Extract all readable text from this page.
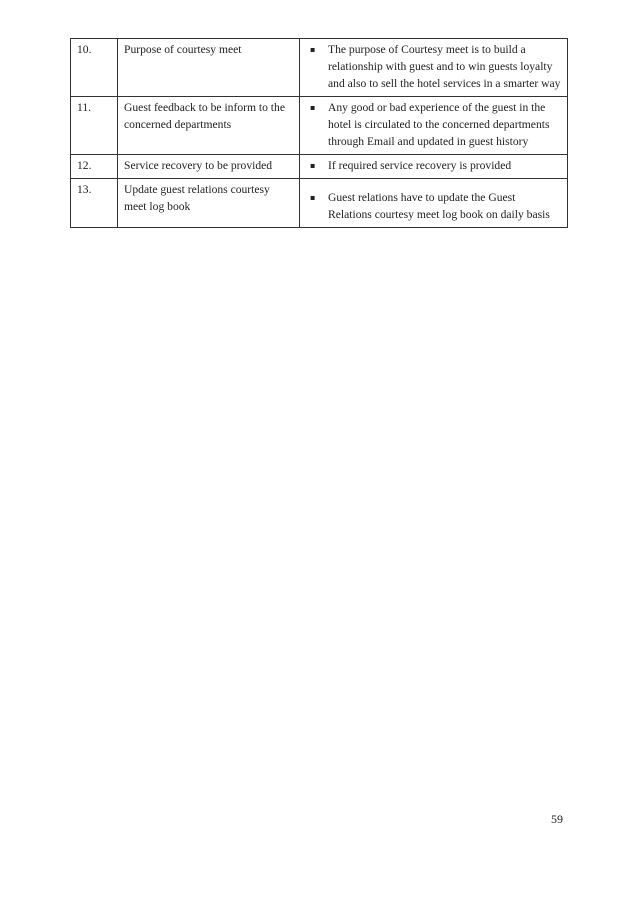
10.	Purpose of courtesy meet	▪ The purpose of Courtesy meet is to build a relationship with guest and to win guests loyalty and also to sell the hotel services in a smarter way

11.	Guest feedback to be inform to the concerned departments	▪ Any good or bad experience of the guest in the hotel is circulated to the concerned departments through Email and updated in guest history

12.	Service recovery to be provided	▪ If required service recovery is provided

13.	Update guest relations courtesy meet log book	▪ Guest relations have to update the Guest Relations courtesy meet log book on daily basis
59
